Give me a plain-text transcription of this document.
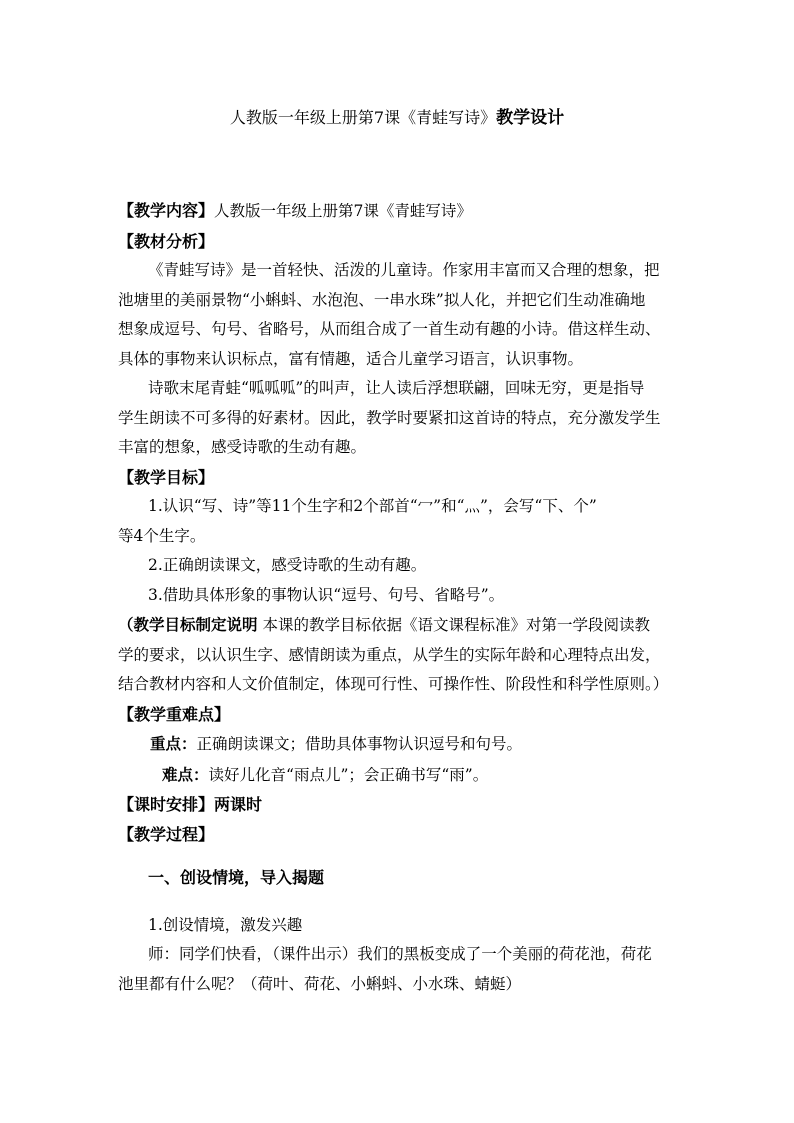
人教版一年级上册第7课《青蛙写诗》教学设计

【教学内容】人教版一年级上册第7课《青蛙写诗》

【教材分析】

《青蛙写诗》是一首轻快、活泼的儿童诗。作家用丰富而又合理的想象，把

池塘里的美丽景物“小蝌蚪、水泡泡、一串水珠”拟人化，并把它们生动准确地

想象成逗号、句号、省略号，从而组合成了一首生动有趣的小诗。借这样生动、

具体的事物来认识标点，富有情趣，适合儿童学习语言，认识事物。

诗歌末尾青蛙“呱呱呱”的叫声，让人读后浮想联翩，回味无穷，更是指导

学生朗读不可多得的好素材。因此，教学时要紧扣这首诗的特点，充分激发学生

丰富的想象，感受诗歌的生动有趣。

【教学目标】

1.认识“写、诗”等11个生字和2个部首“冖”和“灬”，会写“下、个”

等4个生字。

2.正确朗读课文，感受诗歌的生动有趣。

3.借助具体形象的事物认识“逗号、句号、省略号”。

（教学目标制定说明 本课的教学目标依据《语文课程标准》对第一学段阅读教

学的要求，以认识生字、感情朗读为重点，从学生的实际年龄和心理特点出发，

结合教材内容和人文价值制定，体现可行性、可操作性、阶段性和科学性原则。）

【教学重难点】

重点：正确朗读课文；借助具体事物认识逗号和句号。

难点：读好儿化音“雨点儿”；会正确书写“雨”。

【课时安排】两课时

【教学过程】

一、创设情境，导入揭题

1.创设情境，激发兴趣

师：同学们快看，（课件出示）我们的黑板变成了一个美丽的荷花池，荷花

池里都有什么呢？（荷叶、荷花、小蝌蚪、小水珠、蜻蜓）
